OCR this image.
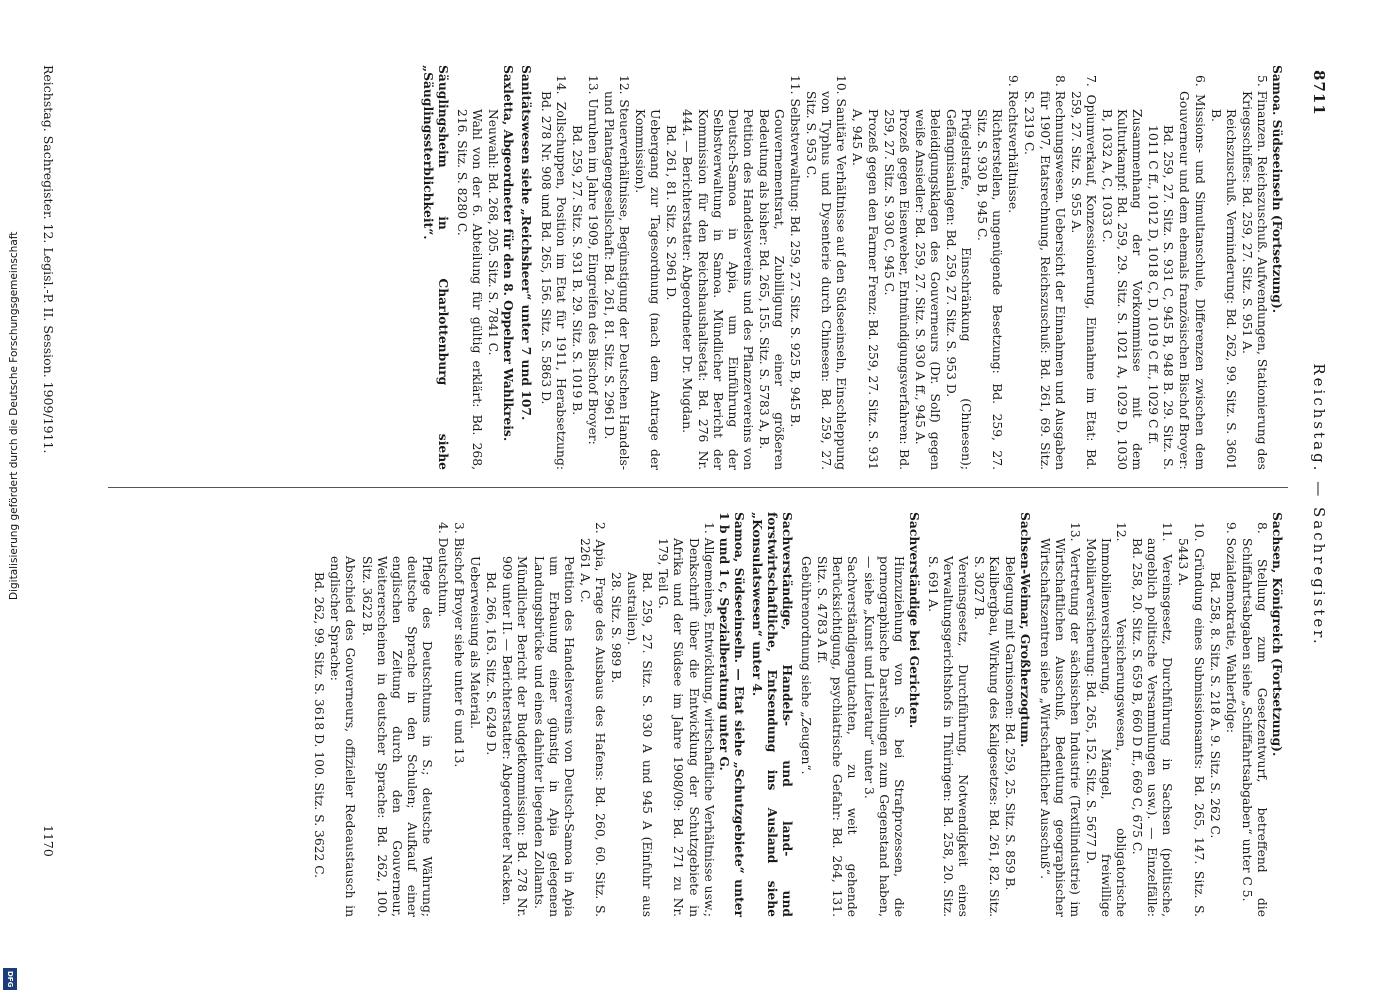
Reichstag. — Sachregister.
8711

Samoa. Südseeinseln (Fortsetzung).

5. Finanzen. Reichszuschuß. Aufwendungen, Stationierung des Kriegsschiffes: Bd. 259, 27. Sitz. S. 951 A.

Reichszuschuß. Verminderung: Bd. 262, 99. Sitz. S. 3601 B.

6. Missions- und Simultanschule, Differenzen zwischen dem Gouverneur und dem ehemals französischen Bischof Broyer:

Bd. 259, 27. Sitz. S. 931 C, 945 B, 948 B. 29. Sitz. S. 1011 C ff., 1012 D, 1018 C, D, 1019 C ff., 1029 C ff.

Zusammenhang der Vorkommnisse mit dem Kulturkampf: Bd. 259, 29. Sitz. S. 1021 A, 1029 D, 1030 B, 1032 A, C, 1033 C.

7. Opiumverkauf, Konzessionierung, Einnahme im Etat: Bd. 259, 27. Sitz. S. 955 A.

8. Rechnungswesen. Uebersicht der Einnahmen und Ausgaben für 1907, Etatsrechnung, Reichszuschuß: Bd. 261, 69. Sitz. S. 2319 C.

9. Rechtsverhältnisse.

Richterstellen, ungenügende Besetzung: Bd. 259, 27. Sitz. S. 930 B, 945 C.

Prügelstrafe, Einschränkung (Chinesen); Gefängnisanlagen: Bd. 259, 27. Sitz. S. 953 D.

Beleidigungsklagen des Gouverneurs (Dr. Solf) gegen weiße Ansiedler: Bd. 259, 27. Sitz. S. 930 A ff., 945 A.

Prozeß gegen Eisenweber, Entmündigungsverfahren: Bd. 259, 27. Sitz. S. 930 C, 945 C.

Prozeß gegen den Farmer Frenz: Bd. 259, 27. Sitz. S. 931 A, 945 A.

10. Sanitäre Verhältnisse auf den Südseeinseln, Einschleppung von Typhus und Dysenterie durch Chinesen: Bd. 259, 27. Sitz. S. 953 C.

11. Selbstverwaltung: Bd. 259, 27. Sitz. S. 925 B, 945 B.

Gouvernementsrat, Zubilligung einer größeren Bedeutung als bisher: Bd. 265, 155. Sitz. S. 5783 A, B.

Petition des Handelsvereins und des Pflanzervereins von Deutsch-Samoa in Apia, um Einführung der Selbstverwaltung in Samoa. Mündlicher Bericht der Kommission für den Reichshaushaltsetat: Bd. 276 Nr. 444. — Berichterstatter: Abgeordneter Dr. Mugdan.

Bd. 261, 81. Sitz. S. 2961 D.

Uebergang zur Tagesordnung (nach dem Antrage der Kommission).

12. Steuerverhältnisse, Begünstigung der Deutschen Handels- und Plantagengesellschaft: Bd. 261, 81. Sitz. S. 2961 D.

13. Unruhen im Jahre 1909, Eingreifen des Bischof Broyer:

Bd. 259, 27. Sitz. S. 931 B. 29. Sitz. S. 1019 B.

14. Zollschuppen, Position im Etat für 1911, Herabsetzung: Bd. 278 Nr. 908 und Bd. 265, 156. Sitz. S. 5863 D.

Sanitätswesen siehe „Reichsheer“ unter 7 und 107.

Saxletta, Abgeordneter für den 8. Oppelner Wahlkreis.

Neuwahl: Bd. 268, 205. Sitz. S. 7841 C.

Wahl von der 6. Abteilung für gültig erklärt: Bd. 268, 216. Sitz. S. 8280 C.

Säuglingsheim in Charlottenburg siehe „Säuglingssterblichkeit“.

Sachsen, Königreich (Fortsetzung).

8. Stellung zum Gesetzentwurf, betreffend die Schiffahrtsabgaben siehe „Schiffahrtsabgaben“ unter C 5.

9. Sozialdemokratie, Wahlerfolge:

Bd. 258, 8. Sitz. S. 218 A. 9. Sitz. S. 262 C.

10. Gründung eines Submissionsamts: Bd. 265, 147. Sitz. S. 5443 A.

11. Vereinsgesetz, Durchführung in Sachsen (politische, angeblich politische Versammlungen usw.). — Einzelfälle: Bd. 258, 20. Sitz. S. 659 B, 660 D ff., 669 C, 675 C.

12. Versicherungswesen, obligatorische Immobilienversicherung, Mängel, freiwillige Mobiliarversicherung: Bd. 265, 152. Sitz. S. 5677 D.

13. Vertretung der sächsischen Industrie (Textilindustrie) im Wirtschaftlichen Ausschuß, Bedeutung geographischer Wirtschaftszentren siehe „Wirtschaftlicher Ausschuß“.

Sachsen-Weimar, Großherzogtum.

Belegung mit Garnisonen: Bd. 259, 25. Sitz. S. 859 B.

Kalibergbau, Wirkung des Kaligesetzes: Bd. 261, 82. Sitz. S. 3027 B.

Vereinsgesetz, Durchführung, Notwendigkeit eines Verwaltungsgerichtshofs in Thüringen: Bd. 258, 20. Sitz. S. 691 A.

Sachverständige bei Gerichten.

Hinzuziehung von S. bei Strafprozessen, die pornographische Darstellungen zum Gegenstand haben, — siehe „Kunst und Literatur“ unter 3.

Sachverständigengutachten, zu weit gehende Berücksichtigung, psychiatrische Gefahr: Bd. 264, 131. Sitz. S. 4783 A ff.

Gebührenordnung siehe „Zeugen“.

Sachverständige, Handels- und land- und forstwirtschaftliche, Entsendung ins Ausland siehe „Konsulatswesen“ unter 4.

Samoa, Südseeinseln. — Etat siehe „Schutzgebiete“ unter 1 b und 1 c, Spezialberatung unter G.

1. Allgemeines, Entwicklung, wirtschaftliche Verhältnisse usw.; Denkschrift über die Entwicklung der Schutzgebiete in Afrika und der Südsee im Jahre 1908/09: Bd. 271 zu Nr. 179, Teil G.

Bd. 259, 27. Sitz. S. 930 A und 945 A (Einfuhr aus Australien).

28. Sitz. S. 989 B.

2. Apia, Frage des Ausbaus des Hafens: Bd. 260, 60. Sitz. S. 2261 A, C.

Petition des Handelsvereins von Deutsch-Samoa in Apia um Erbauung einer günstig in Apia gelegenen Landungsbrücke und eines dahinter liegenden Zollamts.

Mündlicher Bericht der Budgetkommission: Bd. 278 Nr. 909 unter II. — Berichterstatter: Abgeordneter Nacken.

Bd. 266, 163. Sitz. S. 6249 D.

Ueberweisung als Material.

3. Bischof Broyer siehe unter 6 und 13.

4. Deutschtum.

Pflege des Deutschtums in S.; deutsche Währung; deutsche Sprache in den Schulen; Aufkauf einer englischen Zeitung durch den Gouverneur, Weitererscheinen in deutscher Sprache: Bd. 262, 100. Sitz. 3622 B.

Abschied des Gouverneurs, offizieller Redeaustausch in englischer Sprache:

Bd. 262, 99. Sitz. S. 3618 D. 100. Sitz. S. 3622 C.

Reichstag. Sachregister. 12. Legisl.-P. II. Session. 1909/1911.
1170
Digitalisierung gefördert durch die Deutsche Forschungsgemeinschaft
DFG
